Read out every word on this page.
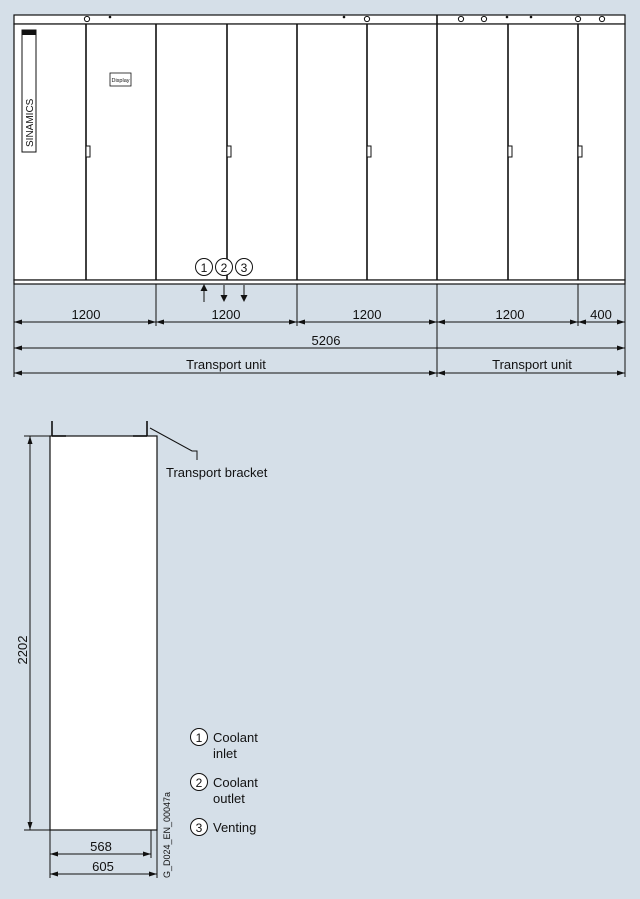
SINAMICS
Display
1 2 3
1200	1200	1200	1200	400
5206
Transport unit	Transport unit
Transport bracket
2202
568
605	G_D024_EN_00047a
1 Coolant
inlet
2 Coolant
outlet
3 Venting
